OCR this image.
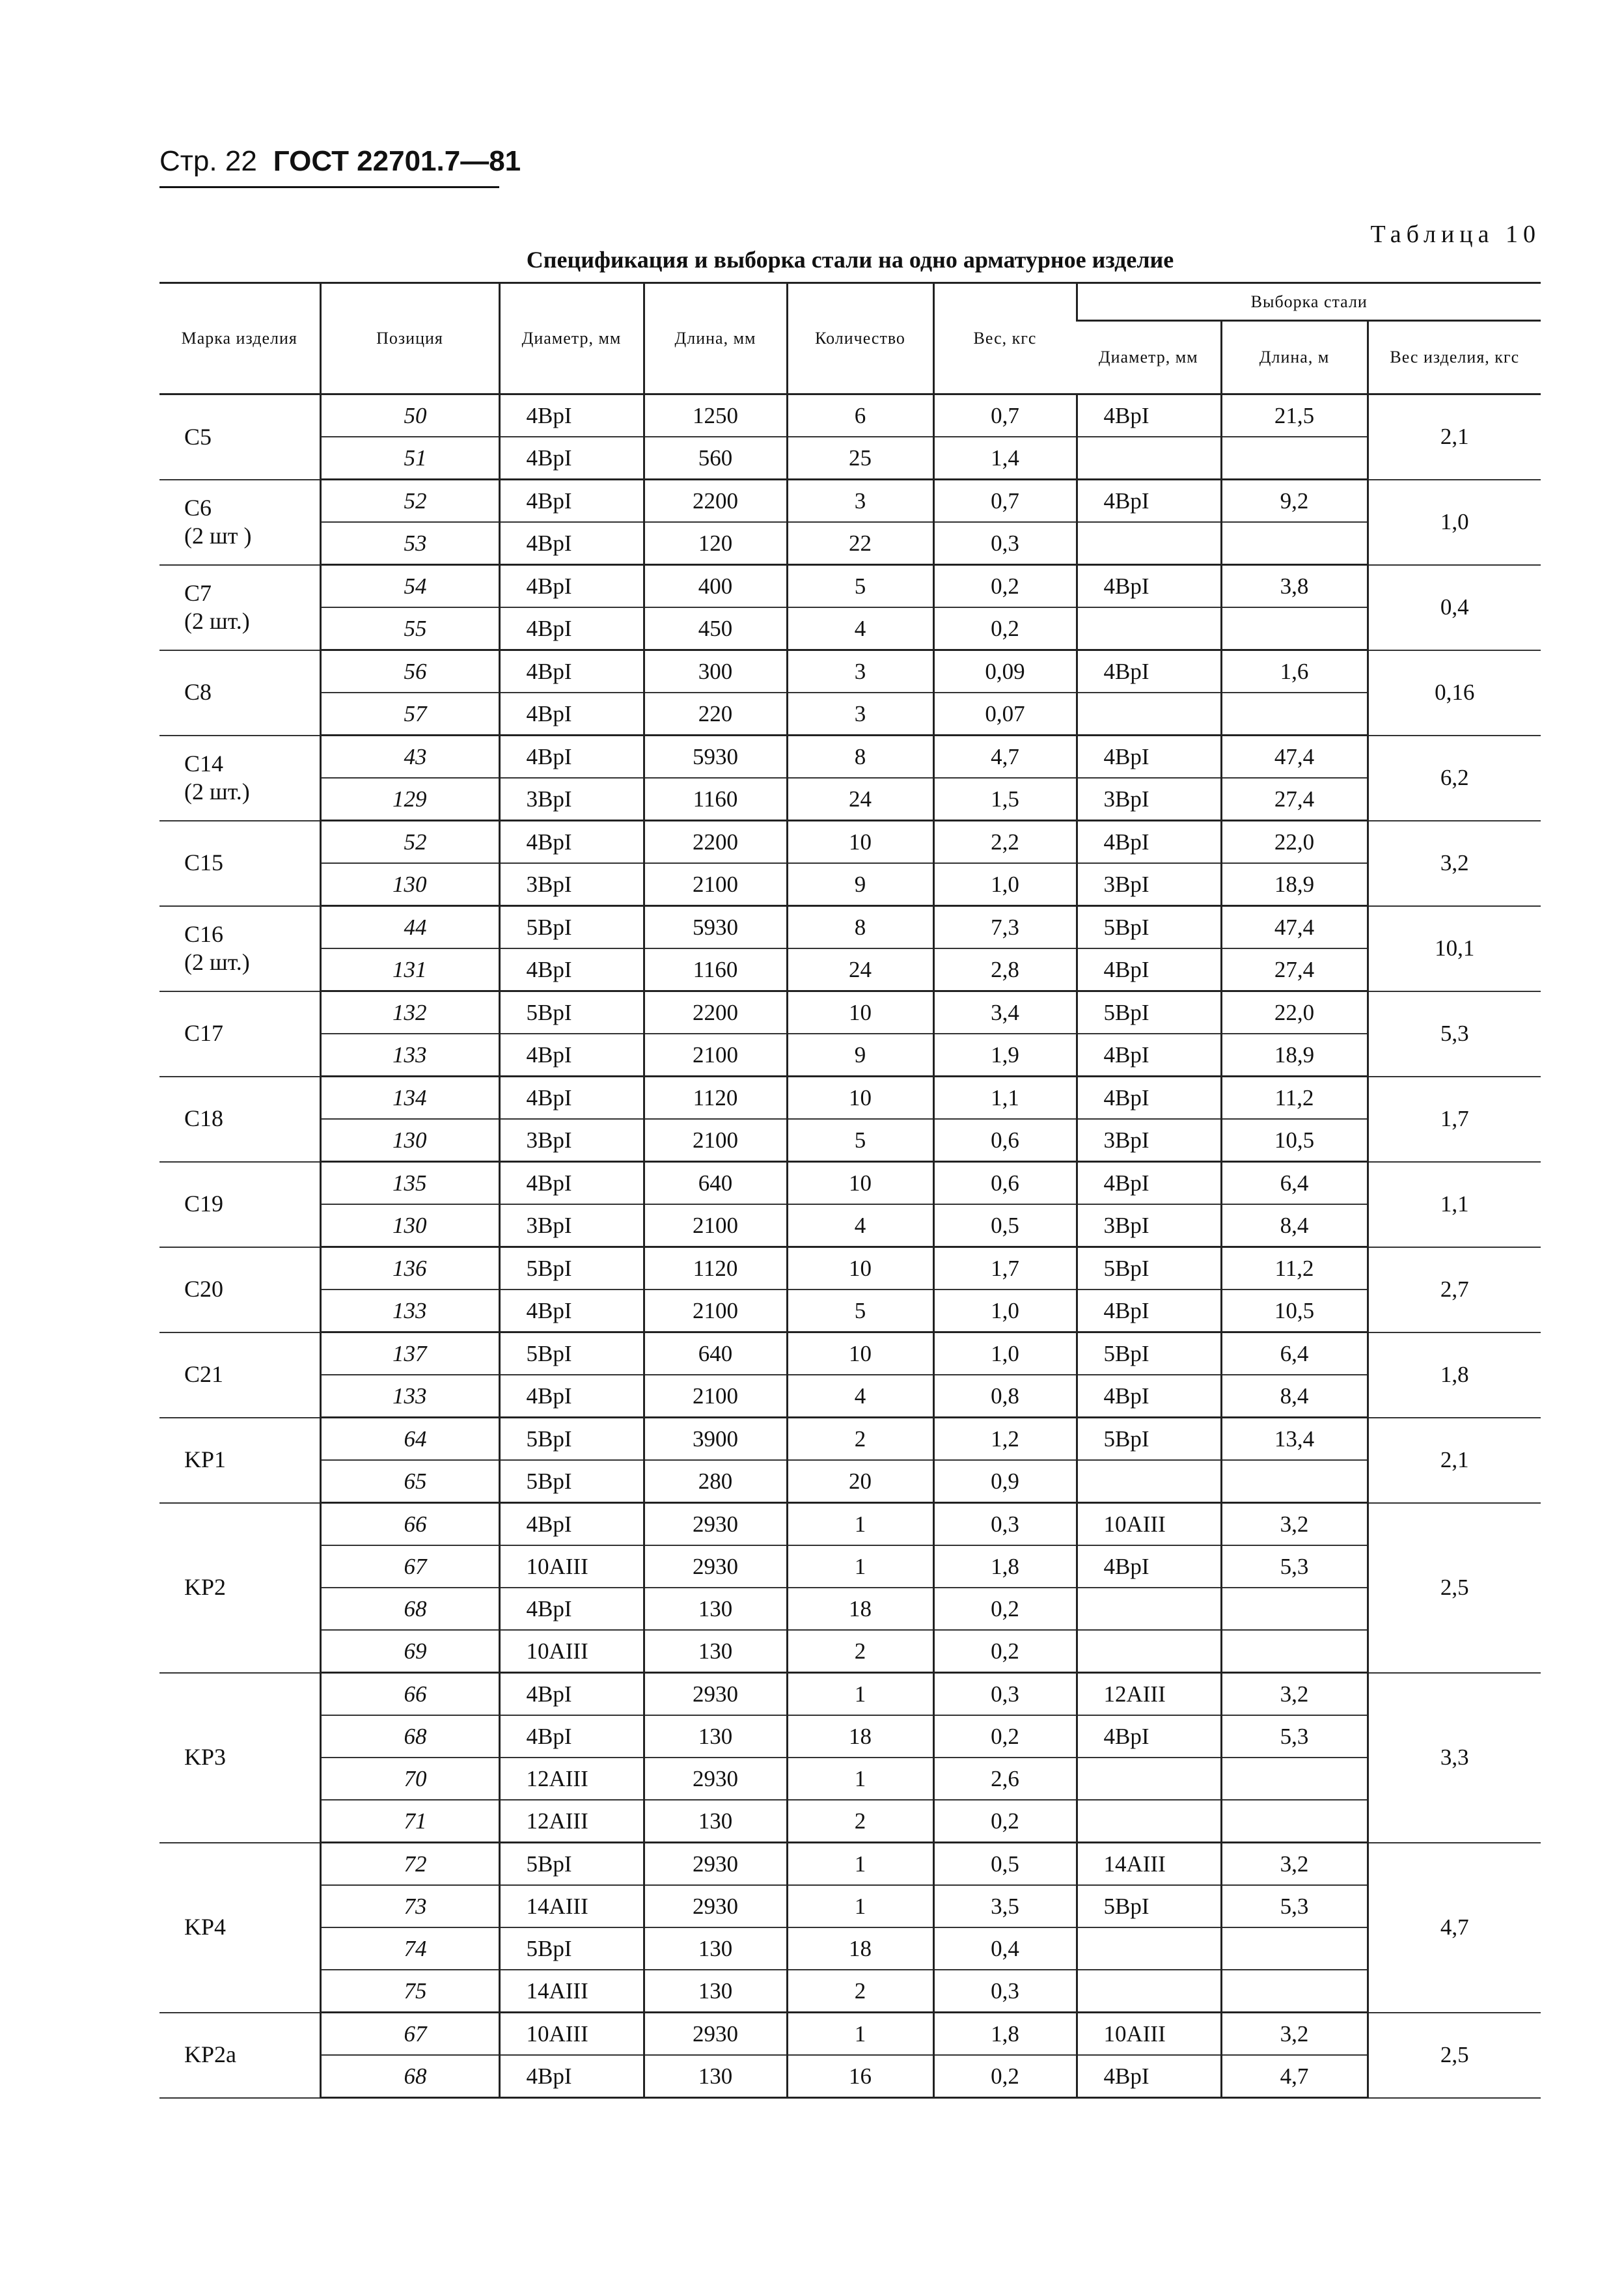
Стр. 22 ГОСТ 22701.7—81
Таблица 10
Спецификация и выборка стали на одно арматурное изделие
Марка изделия	Позиция	Диаметр, мм	Длина, мм	Количество	Вес, кгс	Выборка стали		
						Диаметр, мм	Длина, м	Вес изделия, кгс
C5	50	4BpI	1250	6	0,7	4BpI	21,5	2,1
	51	4BpI	560	25	1,4			
C6
(2 шт )	52	4BpI	2200	3	0,7	4BpI	9,2	1,0
	53	4BpI	120	22	0,3			
C7
(2 шт.)	54	4BpI	400	5	0,2	4BpI	3,8	0,4
	55	4BpI	450	4	0,2			
C8	56	4BpI	300	3	0,09	4BpI	1,6	0,16
	57	4BpI	220	3	0,07			
C14
(2 шт.)	43	4BpI	5930	8	4,7	4BpI	47,4	6,2
	129	3BpI	1160	24	1,5	3BpI	27,4	
C15	52	4BpI	2200	10	2,2	4BpI	22,0	3,2
	130	3BpI	2100	9	1,0	3BpI	18,9	
C16
(2 шт.)	44	5BpI	5930	8	7,3	5BpI	47,4	10,1
	131	4BpI	1160	24	2,8	4BpI	27,4	
C17	132	5BpI	2200	10	3,4	5BpI	22,0	5,3
	133	4BpI	2100	9	1,9	4BpI	18,9	
C18	134	4BpI	1120	10	1,1	4BpI	11,2	1,7
	130	3BpI	2100	5	0,6	3BpI	10,5	
C19	135	4BpI	640	10	0,6	4BpI	6,4	1,1
	130	3BpI	2100	4	0,5	3BpI	8,4	
C20	136	5BpI	1120	10	1,7	5BpI	11,2	2,7
	133	4BpI	2100	5	1,0	4BpI	10,5	
C21	137	5BpI	640	10	1,0	5BpI	6,4	1,8
	133	4BpI	2100	4	0,8	4BpI	8,4	
KP1	64	5BpI	3900	2	1,2	5BpI	13,4	2,1
	65	5BpI	280	20	0,9			
KP2	66	4BpI	2930	1	0,3	10AIII	3,2	2,5
	67	10AIII	2930	1	1,8	4BpI	5,3	
	68	4BpI	130	18	0,2			
	69	10AIII	130	2	0,2			
KP3	66	4BpI	2930	1	0,3	12AIII	3,2	3,3
	68	4BpI	130	18	0,2	4BpI	5,3	
	70	12AIII	2930	1	2,6			
	71	12AIII	130	2	0,2			
KP4	72	5BpI	2930	1	0,5	14AIII	3,2	4,7
	73	14AIII	2930	1	3,5	5BpI	5,3	
	74	5BpI	130	18	0,4			
	75	14AIII	130	2	0,3			
KP2a	67	10AIII	2930	1	1,8	10AIII	3,2	2,5
	68	4BpI	130	16	0,2	4BpI	4,7	
